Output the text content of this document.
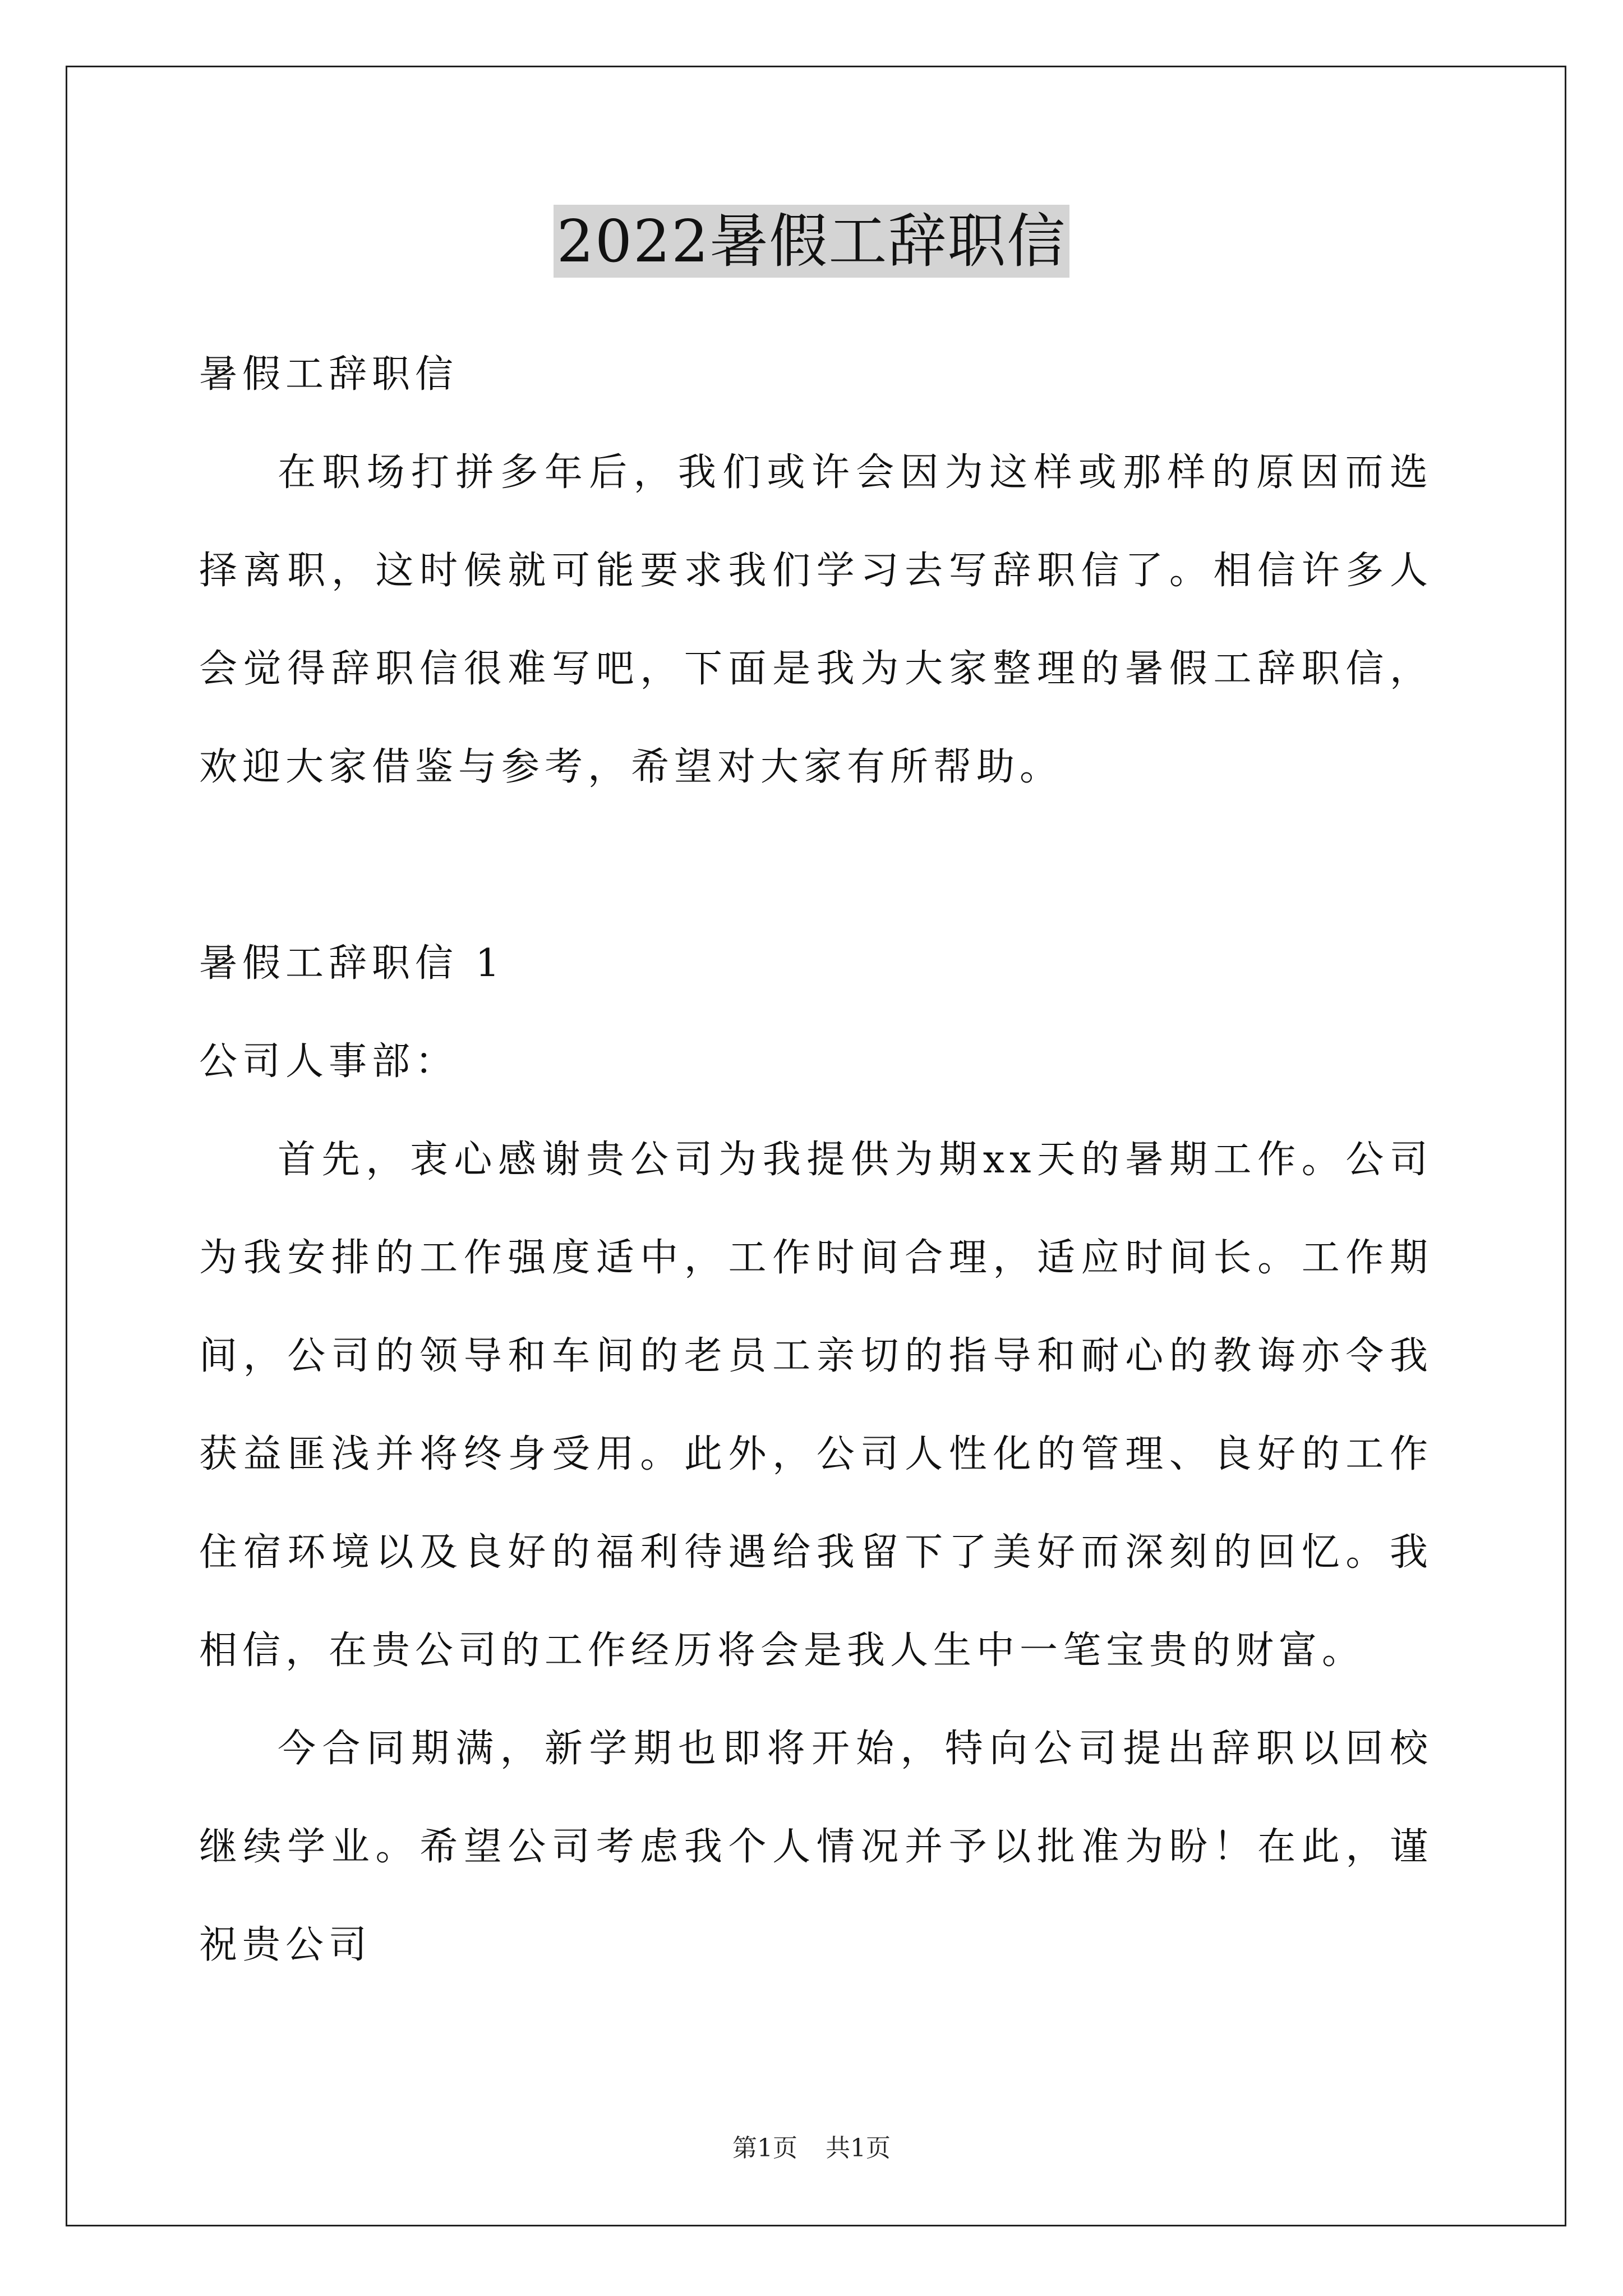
2022暑假工辞职信

暑假工辞职信

在职场打拼多年后，我们或许会因为这样或那样的原因而选择离职，这时候就可能要求我们学习去写辞职信了。相信许多人会觉得辞职信很难写吧，下面是我为大家整理的暑假工辞职信，欢迎大家借鉴与参考，希望对大家有所帮助。

暑假工辞职信 1

公司人事部：

首先，衷心感谢贵公司为我提供为期xx天的暑期工作。公司为我安排的工作强度适中，工作时间合理，适应时间长。工作期间，公司的领导和车间的老员工亲切的指导和耐心的教诲亦令我获益匪浅并将终身受用。此外，公司人性化的管理、良好的工作住宿环境以及良好的福利待遇给我留下了美好而深刻的回忆。我相信，在贵公司的工作经历将会是我人生中一笔宝贵的财富。

今合同期满，新学期也即将开始，特向公司提出辞职以回校继续学业。希望公司考虑我个人情况并予以批准为盼！在此，谨祝贵公司

第1页 共1页
